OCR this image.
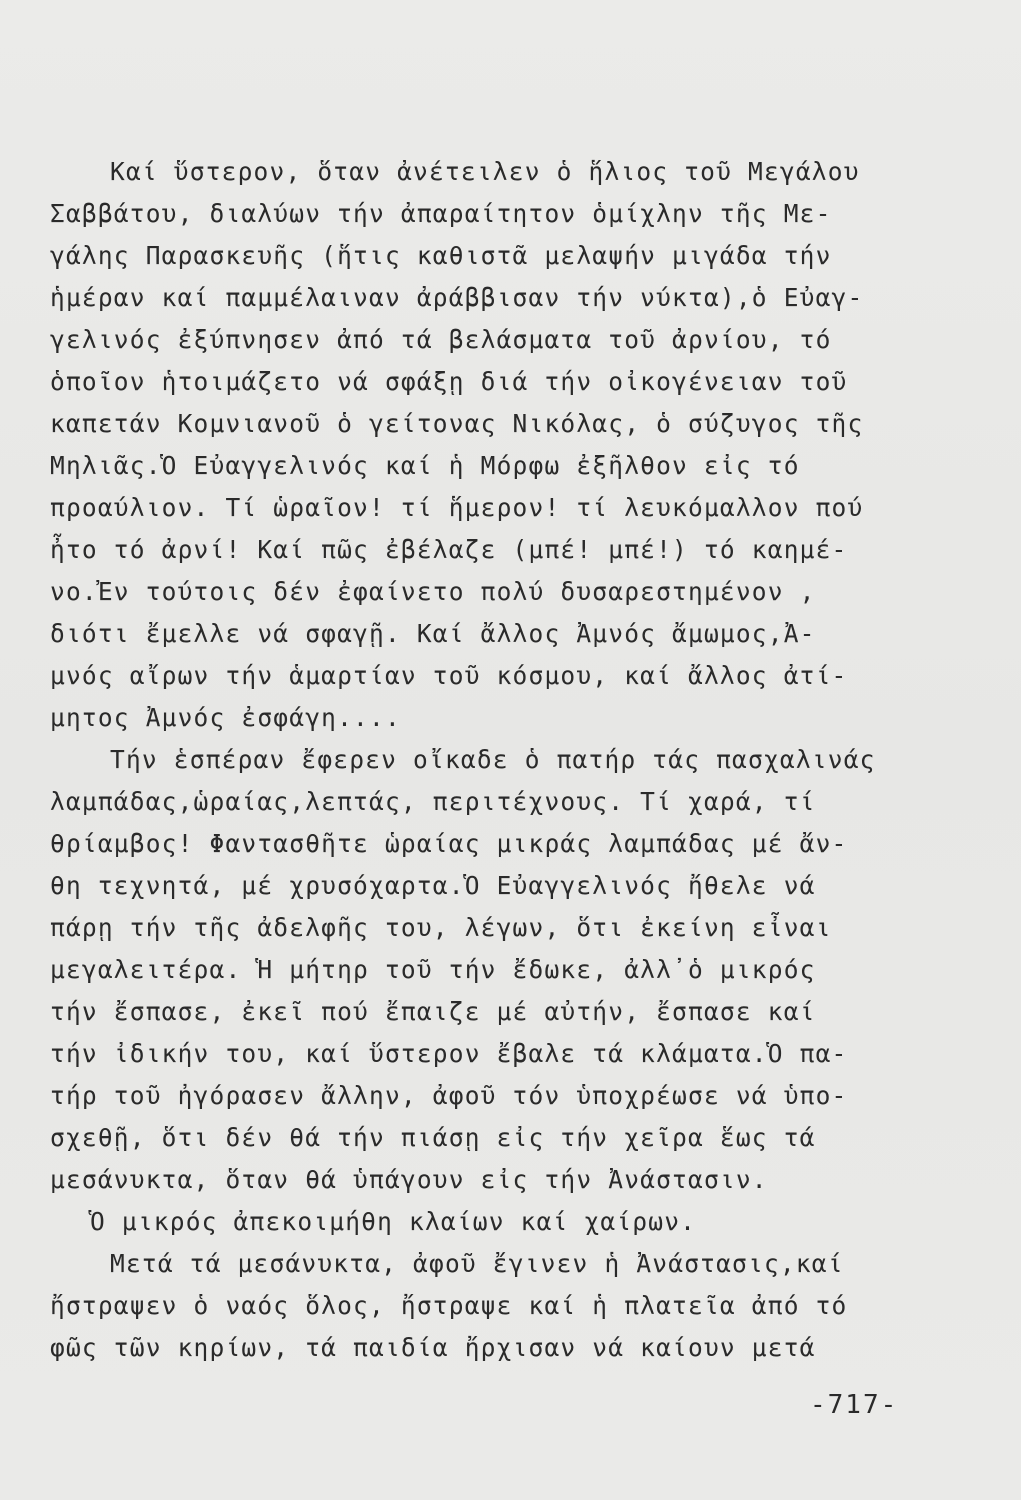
Καί ὕστερον, ὅταν ἀνέτειλεν ὁ ἥλιος τοῦ Μεγάλου
Σαββάτου, διαλύων τήν ἀπαραίτητον ὁμίχλην τῆς Με-
γάλης Παρασκευῆς (ἥτις καθιστᾶ μελαψήν μιγάδα τήν
ἡμέραν καί παμμέλαιναν ἀράββισαν τήν νύκτα),ὁ Εὐαγ-
γελινός ἐξύπνησεν ἀπό τά βελάσματα τοῦ ἀρνίου, τό
ὁποῖον ἡτοιμάζετο νά σφάξῃ διά τήν οἰκογένειαν τοῦ
καπετάν Κομνιανοῦ ὁ γείτονας Νικόλας, ὁ σύζυγος τῆς
Μηλιᾶς.Ὁ Εὐαγγελινός καί ἡ Μόρφω ἐξῆλθον εἰς τό
προαύλιον. Τί ὡραῖον! τί ἥμερον! τί λευκόμαλλον πού
ἦτο τό ἀρνί! Καί πῶς ἐβέλαζε (μπέ! μπέ!) τό καημέ-
νο.Ἐν τούτοις δέν ἐφαίνετο πολύ δυσαρεστημένον ,
διότι ἔμελλε νά σφαγῇ. Καί ἄλλος Ἀμνός ἄμωμος,Ἀ-
μνός αἴρων τήν ἁμαρτίαν τοῦ κόσμου, καί ἄλλος ἀτί-
μητος Ἀμνός ἐσφάγη....
Τήν ἑσπέραν ἔφερεν οἴκαδε ὁ πατήρ τάς πασχαλινάς
λαμπάδας,ὡραίας,λεπτάς, περιτέχνους. Τί χαρά, τί
θρίαμβος! Φαντασθῆτε ὡραίας μικράς λαμπάδας μέ ἄν-
θη τεχνητά, μέ χρυσόχαρτα.Ὁ Εὐαγγελινός ἤθελε νά
πάρῃ τήν τῆς ἀδελφῆς του, λέγων, ὅτι ἐκείνη εἶναι
μεγαλειτέρα. Ἡ μήτηρ τοῦ τήν ἔδωκε, ἀλλ᾽ὁ μικρός
τήν ἔσπασε, ἐκεῖ πού ἔπαιζε μέ αὐτήν, ἔσπασε καί
τήν ἰδικήν του, καί ὕστερον ἔβαλε τά κλάματα.Ὁ πα-
τήρ τοῦ ἠγόρασεν ἄλλην, ἀφοῦ τόν ὑποχρέωσε νά ὑπο-
σχεθῇ, ὅτι δέν θά τήν πιάσῃ εἰς τήν χεῖρα ἕως τά
μεσάνυκτα, ὅταν θά ὑπάγουν εἰς τήν Ἀνάστασιν.
Ὁ μικρός ἀπεκοιμήθη κλαίων καί χαίρων.
Μετά τά μεσάνυκτα, ἀφοῦ ἔγινεν ἡ Ἀνάστασις,καί
ἤστραψεν ὁ ναός ὅλος, ἤστραψε καί ἡ πλατεῖα ἀπό τό
φῶς τῶν κηρίων, τά παιδία ἤρχισαν νά καίουν μετά
-717-
